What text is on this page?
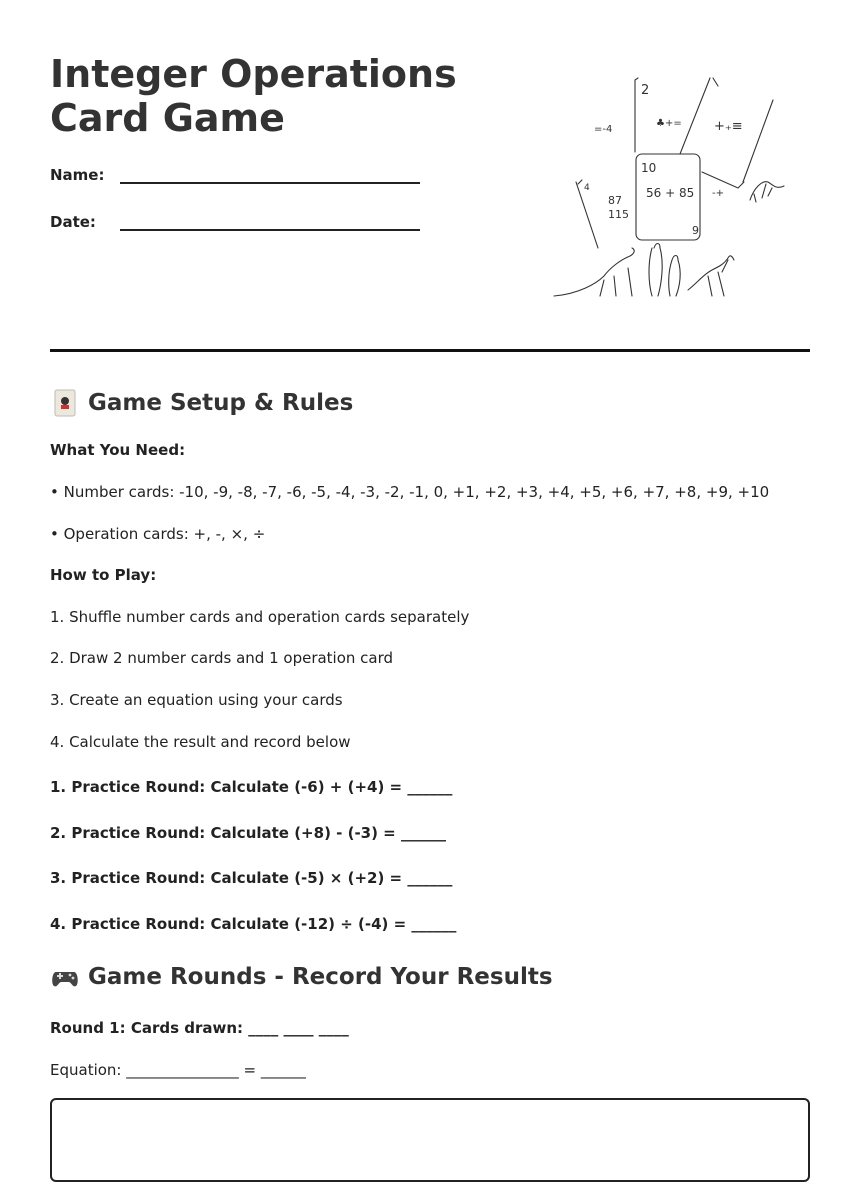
Integer Operations Card Game
Name:
Date:
2
10
56 + 85
9
4
87
115
=-4
♣+= +₊≡
-+
Game Setup & Rules
What You Need:
• Number cards: -10, -9, -8, -7, -6, -5, -4, -3, -2, -1, 0, +1, +2, +3, +4, +5, +6, +7, +8, +9, +10
• Operation cards: +, -, ×, ÷
How to Play:
1. Shuffle number cards and operation cards separately
2. Draw 2 number cards and 1 operation card
3. Create an equation using your cards
4. Calculate the result and record below
1. Practice Round: Calculate (-6) + (+4) = ______
2. Practice Round: Calculate (+8) - (-3) = ______
3. Practice Round: Calculate (-5) × (+2) = ______
4. Practice Round: Calculate (-12) ÷ (-4) = ______
Game Rounds - Record Your Results
Round 1: Cards drawn: ____ ____ ____
Equation: _______________ = ______
